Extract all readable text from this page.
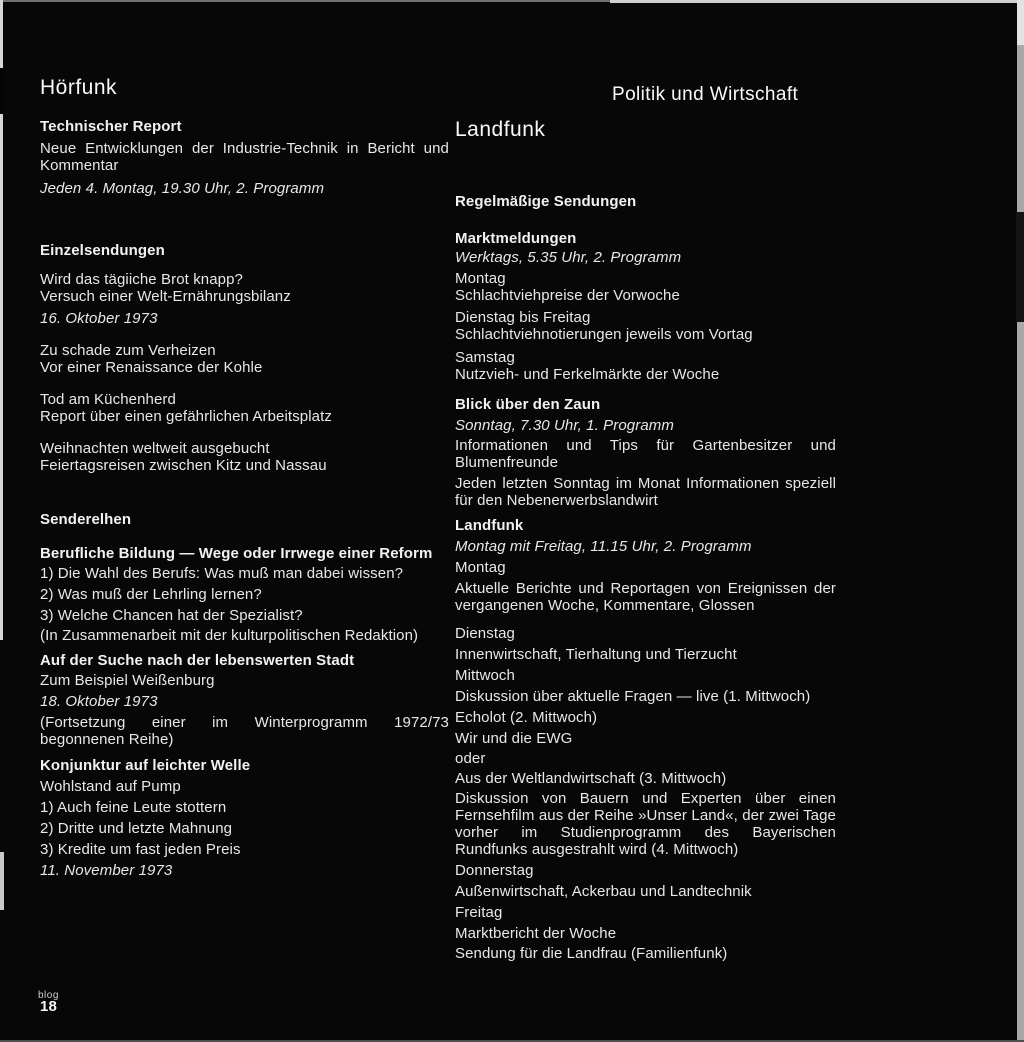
Politik und Wirtschaft
Hörfunk

Technischer Report

Neue Entwicklungen der Industrie-Technik in Bericht und Kommentar

Jeden 4. Montag, 19.30 Uhr, 2. Programm

Einzelsendungen

Wird das tägiiche Brot knapp?

Versuch einer Welt-Ernährungsbilanz

16. Oktober 1973

Zu schade zum Verheizen

Vor einer Renaissance der Kohle

Tod am Küchenherd

Report über einen gefährlichen Arbeitsplatz

Weihnachten weltweit ausgebucht

Feiertagsreisen zwischen Kitz und Nassau

Senderelhen

Berufliche Bildung — Wege oder Irrwege einer Reform

1) Die Wahl des Berufs: Was muß man dabei wissen?

2) Was muß der Lehrling lernen?

3) Welche Chancen hat der Spezialist?

(In Zusammenarbeit mit der kulturpolitischen Redaktion)

Auf der Suche nach der lebenswerten Stadt

Zum Beispiel Weißenburg

18. Oktober 1973

(Fortsetzung einer im Winterprogramm 1972/73 begonnenen Reihe)

Konjunktur auf leichter Welle

Wohlstand auf Pump

1) Auch feine Leute stottern

2) Dritte und letzte Mahnung

3) Kredite um fast jeden Preis

11. November 1973

Landfunk

Regelmäßige Sendungen

Marktmeldungen

Werktags, 5.35 Uhr, 2. Programm

Montag

Schlachtviehpreise der Vorwoche

Dienstag bis Freitag

Schlachtviehnotierungen jeweils vom Vortag

Samstag

Nutzvieh- und Ferkelmärkte der Woche

Blick über den Zaun

Sonntag, 7.30 Uhr, 1. Programm

Informationen und Tips für Gartenbesitzer und Blumenfreunde

Jeden letzten Sonntag im Monat Informationen speziell für den Nebenerwerbslandwirt

Landfunk

Montag mit Freitag, 11.15 Uhr, 2. Programm

Montag

Aktuelle Berichte und Reportagen von Ereignissen der vergangenen Woche, Kommentare, Glossen

Dienstag

Innenwirtschaft, Tierhaltung und Tierzucht

Mittwoch

Diskussion über aktuelle Fragen — live (1. Mittwoch)

Echolot (2. Mittwoch)

Wir und die EWG

oder

Aus der Weltlandwirtschaft (3. Mittwoch)

Diskussion von Bauern und Experten über einen Fernsehfilm aus der Reihe »Unser Land«, der zwei Tage vorher im Studienprogramm des Bayerischen Rundfunks ausgestrahlt wird (4. Mittwoch)

Donnerstag

Außenwirtschaft, Ackerbau und Landtechnik

Freitag

Marktbericht der Woche

Sendung für die Landfrau (Familienfunk)

blog

18
